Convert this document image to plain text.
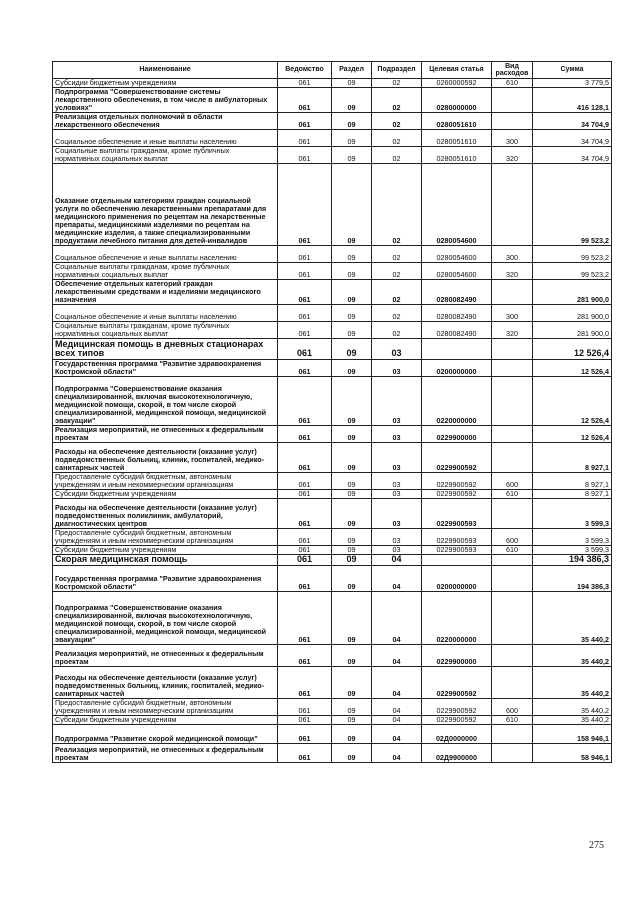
Наименование	Ведомство	Раздел	Подраздел	Целевая статья	Вид расходов	Сумма
Субсидии бюджетным учреждениям	061	09	02	0260000592	610	3 779,5
Подпрограмма "Совершенствование системы лекарственного обеспечения, в том числе в амбулаторных условиях"	061	09	02	0280000000		416 128,1
Реализация отдельных полномочий в области лекарственного обеспечения	061	09	02	0280051610		34 704,9
Социальное обеспечение и иные выплаты населению	061	09	02	0280051610	300	34 704,9
Социальные выплаты гражданам, кроме публичных нормативных социальных выплат	061	09	02	0280051610	320	34 704,9
Оказание отдельным категориям граждан социальной услуги по обеспечению лекарственными препаратами для медицинского применения по рецептам на лекарственные препараты, медицинскими изделиями по рецептам на медицинские изделия, а также специализированными продуктами лечебного питания для детей-инвалидов	061	09	02	0280054600		99 523,2
Социальное обеспечение и иные выплаты населению	061	09	02	0280054600	300	99 523,2
Социальные выплаты гражданам, кроме публичных нормативных социальных выплат	061	09	02	0280054600	320	99 523,2
Обеспечение отдельных категорий граждан лекарственными средствами и изделиями медицинского назначения	061	09	02	0280082490		281 900,0
Социальное обеспечение и иные выплаты населению	061	09	02	0280082490	300	281 900,0
Социальные выплаты гражданам, кроме публичных нормативных социальных выплат	061	09	02	0280082490	320	281 900,0
Медицинская помощь в дневных стационарах всех типов	061	09	03			12 526,4
Государственная программа "Развитие здравоохранения Костромской области"	061	09	03	0200000000		12 526,4
Подпрограмма "Совершенствование оказания специализированной, включая высокотехнологичную, медицинской помощи, скорой, в том числе скорой специализированной, медицинской помощи, медицинской эвакуации"	061	09	03	0220000000		12 526,4
Реализация мероприятий, не отнесенных к федеральным проектам	061	09	03	0229900000		12 526,4
Расходы на обеспечение деятельности (оказание услуг) подведомственных больниц, клиник, госпиталей, медико-санитарных частей	061	09	03	0229900592		8 927,1
Предоставление субсидий бюджетным, автономным учреждениям и иным некоммерческим организациям	061	09	03	0229900592	600	8 927,1
Субсидии бюджетным учреждениям	061	09	03	0229900592	610	8 927,1
Расходы на обеспечение деятельности (оказание услуг) подведомственных поликлиник, амбулаторий, диагностических центров	061	09	03	0229900593		3 599,3
Предоставление субсидий бюджетным, автономным учреждениям и иным некоммерческим организациям	061	09	03	0229900593	600	3 599,3
Субсидии бюджетным учреждениям	061	09	03	0229900593	610	3 599,3
Скорая медицинская помощь	061	09	04			194 386,3
Государственная программа "Развитие здравоохранения Костромской области"	061	09	04	0200000000		194 386,3
Подпрограмма "Совершенствование оказания специализированной, включая высокотехнологичную, медицинской помощи, скорой, в том числе скорой специализированной, медицинской помощи, медицинской эвакуации"	061	09	04	0220000000		35 440,2
Реализация мероприятий, не отнесенных к федеральным проектам	061	09	04	0229900000		35 440,2
Расходы на обеспечение деятельности (оказание услуг) подведомственных больниц, клиник, госпиталей, медико-санитарных частей	061	09	04	0229900592		35 440,2
Предоставление субсидий бюджетным, автономным учреждениям и иным некоммерческим организациям	061	09	04	0229900592	600	35 440,2
Субсидии бюджетным учреждениям	061	09	04	0229900592	610	35 440,2
Подпрограмма "Развитие скорой медицинской помощи"	061	09	04	02Д0000000		158 946,1
Реализация мероприятий, не отнесенных к федеральным проектам	061	09	04	02Д9900000		58 946,1
275
